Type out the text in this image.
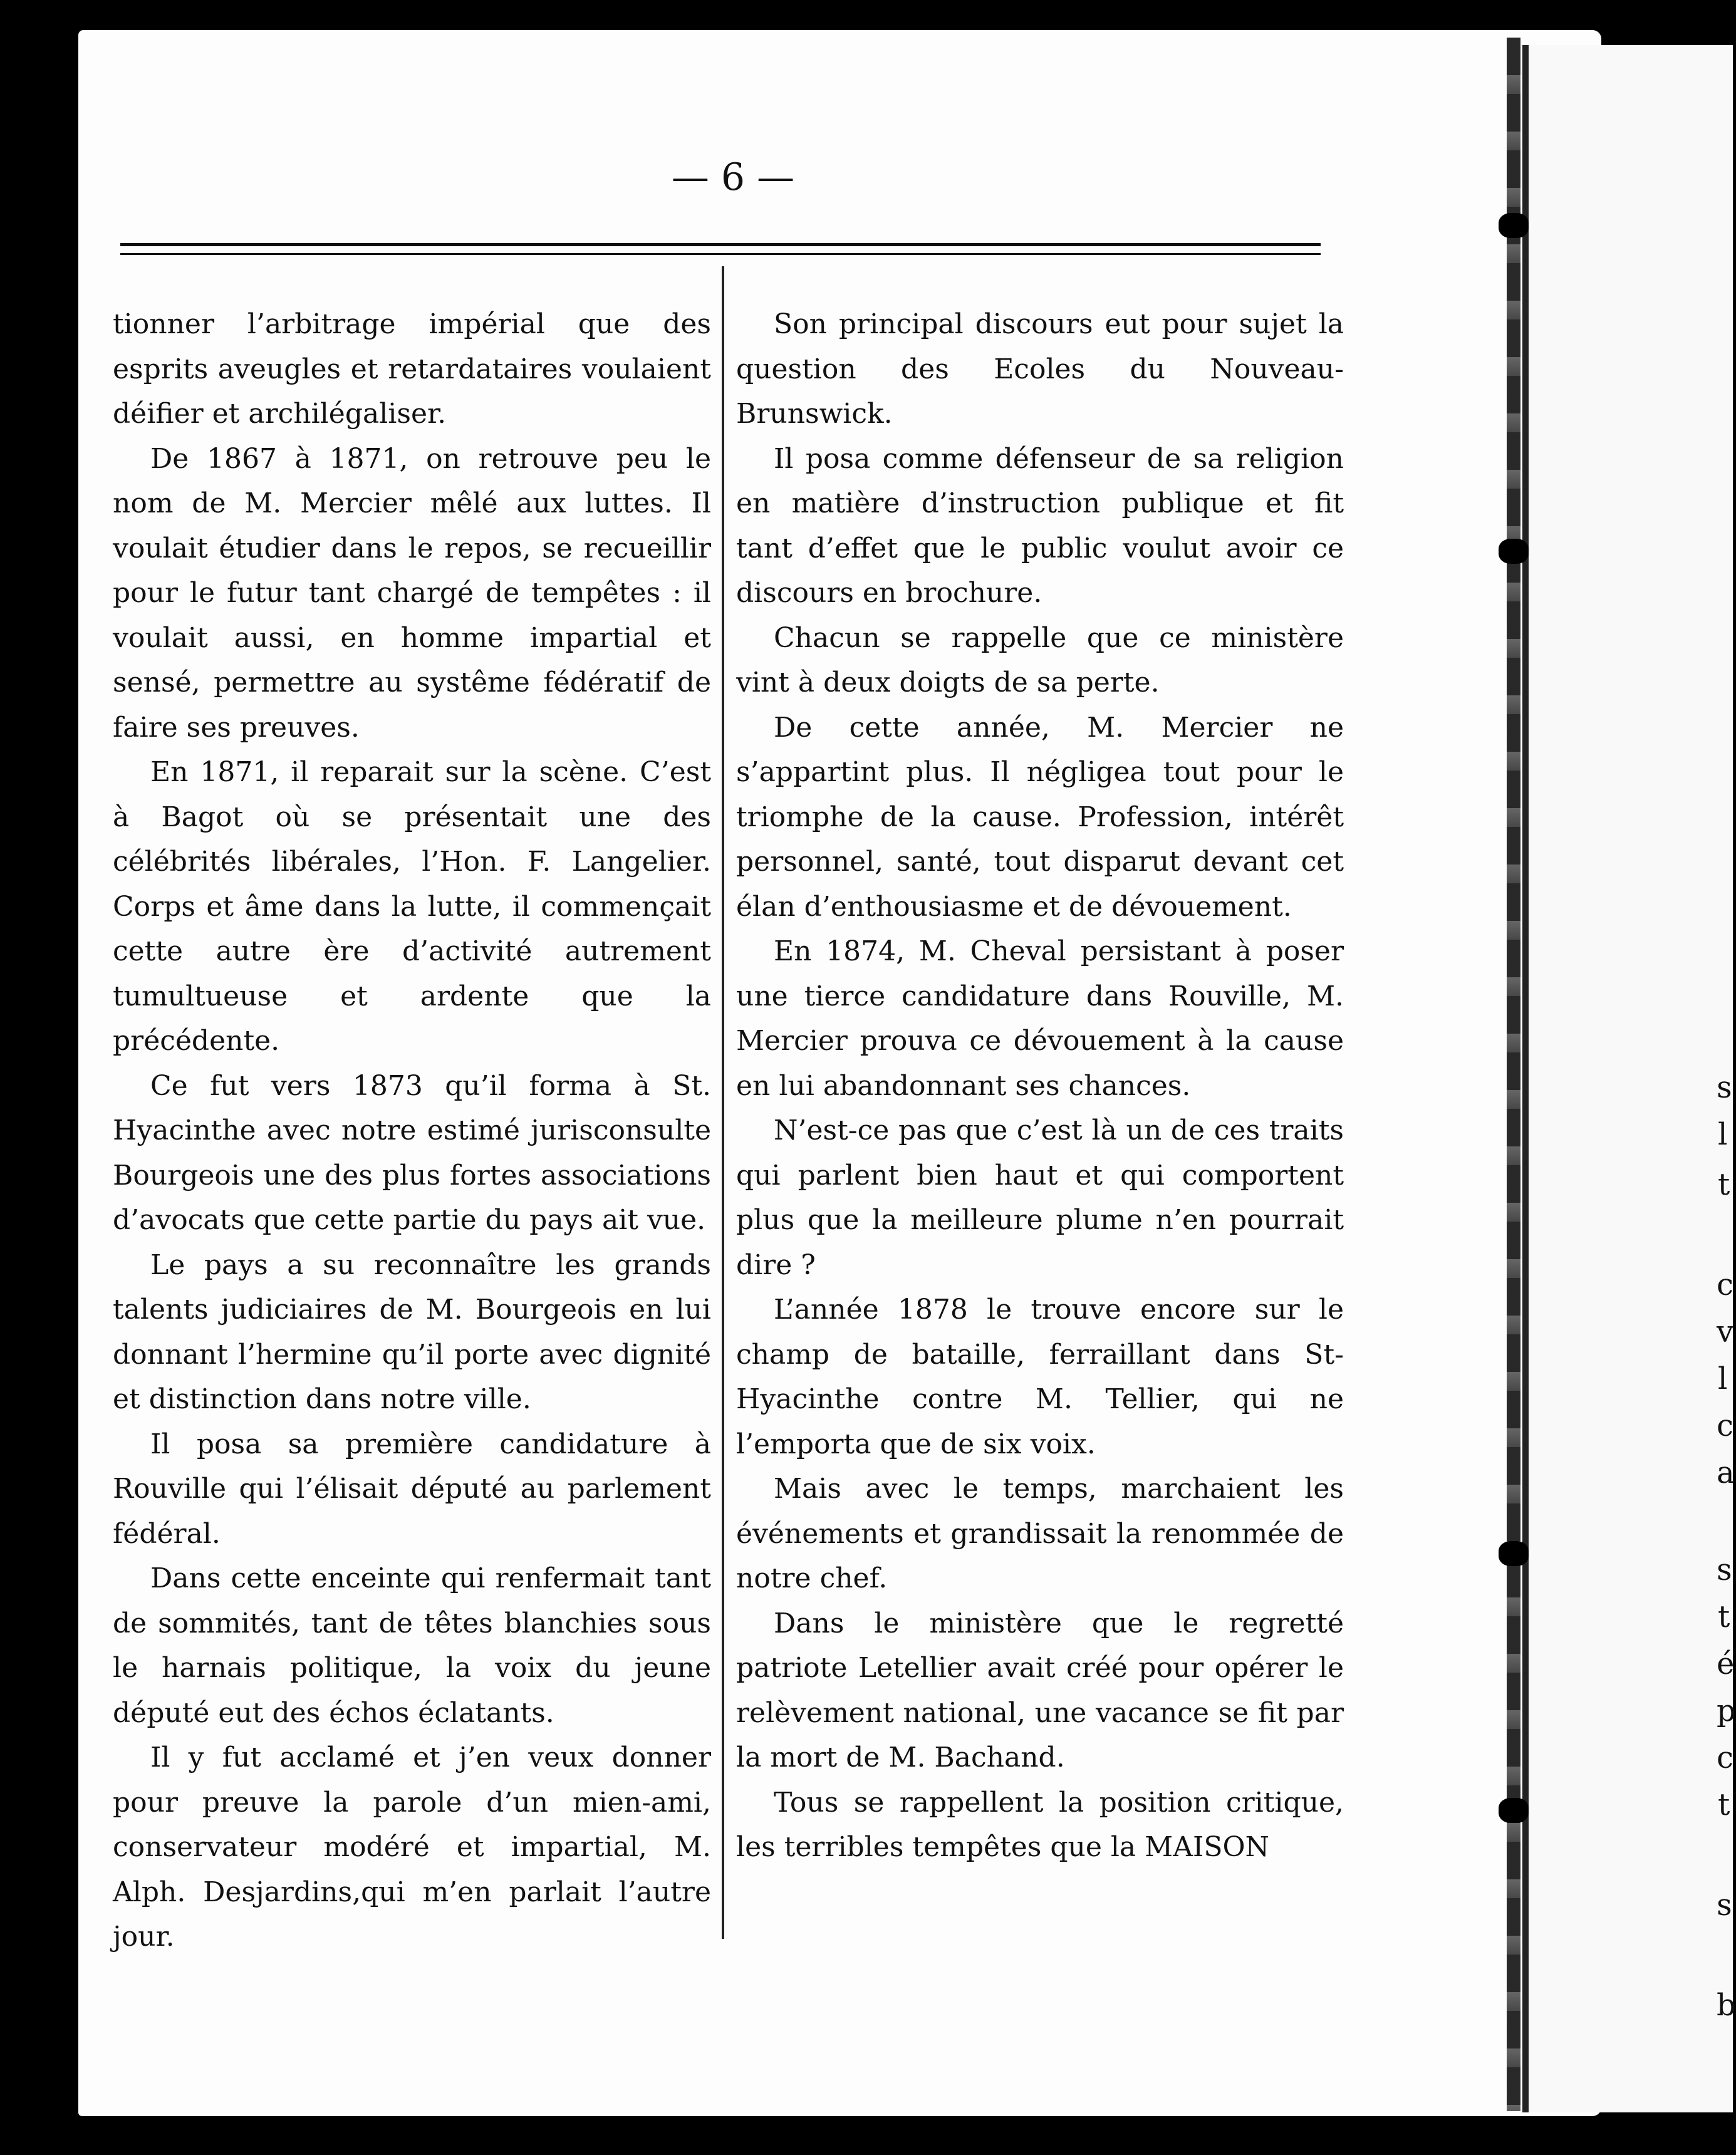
s
l
t
c
v
l
c
a
s
t
é
p
c
t
s
b
— 6 —

tionner l’arbitrage impérial que des esprits aveugles et retardataires voulaient déifier et archilégaliser.

De 1867 à 1871, on retrouve peu le nom de M. Mercier mêlé aux luttes. Il voulait étudier dans le repos, se recueillir pour le futur tant chargé de tempêtes : il voulait aussi, en homme impartial et sensé, permettre au systême fédératif de faire ses preuves.

En 1871, il reparait sur la scène. C’est à Bagot où se présentait une des célébrités libérales, l’Hon. F. Langelier. Corps et âme dans la lutte, il commençait cette autre ère d’activité autrement tumultueuse et ardente que la précédente.

Ce fut vers 1873 qu’il forma à St. Hyacinthe avec notre estimé jurisconsulte Bourgeois une des plus fortes associations d’avocats que cette partie du pays ait vue.

Le pays a su reconnaître les grands talents judiciaires de M. Bourgeois en lui donnant l’hermine qu’il porte avec dignité et distinction dans notre ville.

Il posa sa première candidature à Rouville qui l’élisait député au parlement fédéral.

Dans cette enceinte qui renfermait tant de sommités, tant de têtes blanchies sous le harnais politique, la voix du jeune député eut des échos éclatants.

Il y fut acclamé et j’en veux donner pour preuve la parole d’un mien-ami, conservateur modéré et impartial, M. Alph. Desjardins,qui m’en parlait l’autre jour.

Son principal discours eut pour sujet la question des Ecoles du Nouveau-Brunswick.

Il posa comme défenseur de sa religion en matière d’instruction publique et fit tant d’effet que le public voulut avoir ce discours en brochure.

Chacun se rappelle que ce ministère vint à deux doigts de sa perte.

De cette année, M. Mercier ne s’appartint plus. Il négligea tout pour le triomphe de la cause. Profession, intérêt personnel, santé, tout disparut devant cet élan d’enthousiasme et de dévouement.

En 1874, M. Cheval persistant à poser une tierce candidature dans Rouville, M. Mercier prouva ce dévouement à la cause en lui abandonnant ses chances.

N’est-ce pas que c’est là un de ces traits qui parlent bien haut et qui comportent plus que la meilleure plume n’en pourrait dire ?

L’année 1878 le trouve encore sur le champ de bataille, ferraillant dans St-Hyacinthe contre M. Tellier, qui ne l’emporta que de six voix.

Mais avec le temps, marchaient les événements et grandissait la renommée de notre chef.

Dans le ministère que le regretté patriote Letellier avait créé pour opérer le relèvement national, une vacance se fit par la mort de M. Bachand.

Tous se rappellent la position critique, les terribles tempêtes que la MAISON
